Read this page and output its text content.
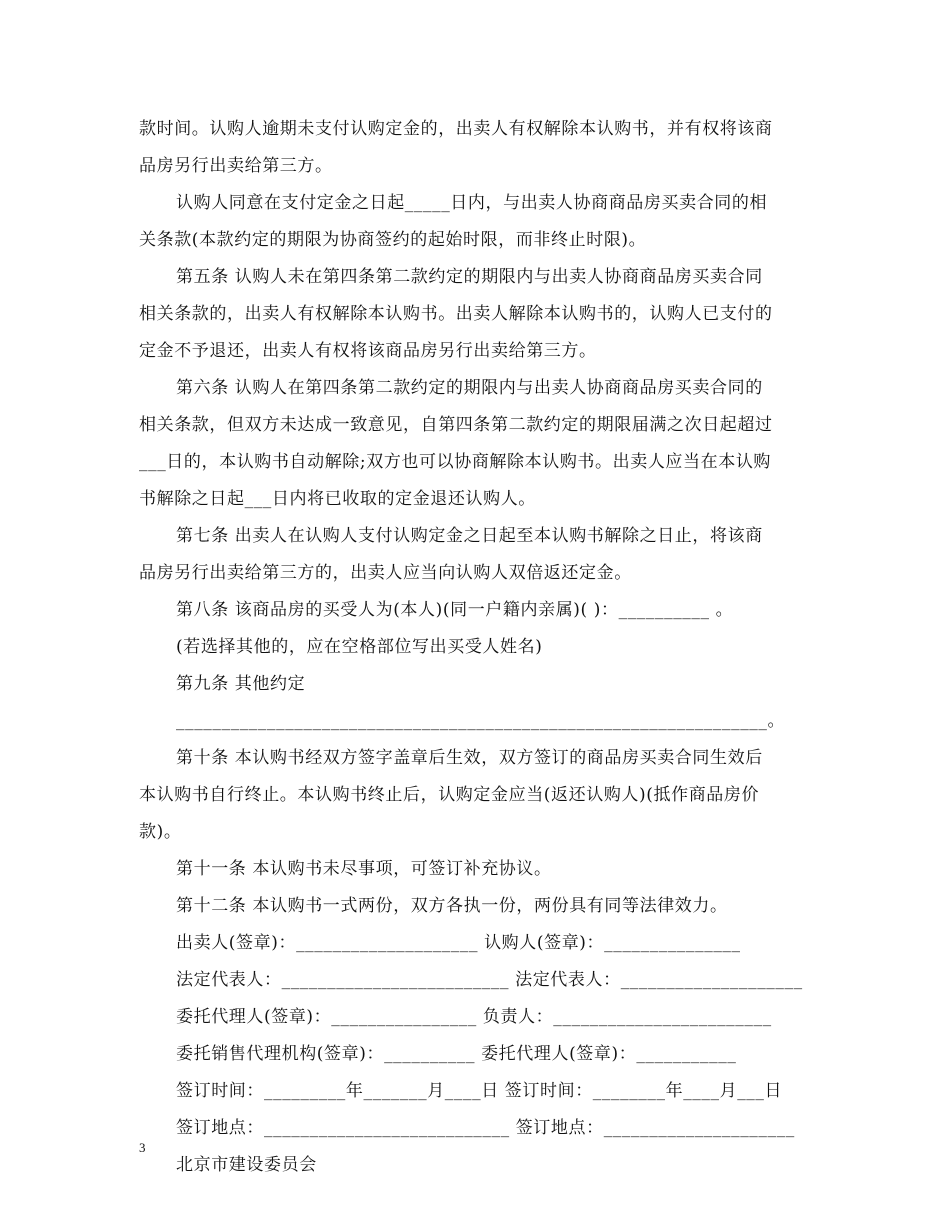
款时间。认购人逾期未支付认购定金的，出卖人有权解除本认购书，并有权将该商
品房另行出卖给第三方。
认购人同意在支付定金之日起_____日内，与出卖人协商商品房买卖合同的相
关条款(本款约定的期限为协商签约的起始时限，而非终止时限)。
第五条 认购人未在第四条第二款约定的期限内与出卖人协商商品房买卖合同
相关条款的，出卖人有权解除本认购书。出卖人解除本认购书的，认购人已支付的
定金不予退还，出卖人有权将该商品房另行出卖给第三方。
第六条 认购人在第四条第二款约定的期限内与出卖人协商商品房买卖合同的
相关条款，但双方未达成一致意见，自第四条第二款约定的期限届满之次日起超过
___日的，本认购书自动解除;双方也可以协商解除本认购书。出卖人应当在本认购
书解除之日起___日内将已收取的定金退还认购人。
第七条 出卖人在认购人支付认购定金之日起至本认购书解除之日止，将该商
品房另行出卖给第三方的，出卖人应当向认购人双倍返还定金。
第八条 该商品房的买受人为(本人)(同一户籍内亲属)( )：__________ 。
(若选择其他的，应在空格部位写出买受人姓名)
第九条 其他约定
_________________________________________________________________。
第十条 本认购书经双方签字盖章后生效，双方签订的商品房买卖合同生效后
本认购书自行终止。本认购书终止后，认购定金应当(返还认购人)(抵作商品房价
款)。
第十一条 本认购书未尽事项，可签订补充协议。
第十二条 本认购书一式两份，双方各执一份，两份具有同等法律效力。
出卖人(签章)：____________________ 认购人(签章)：_______________
法定代表人：_________________________ 法定代表人：____________________
委托代理人(签章)：________________ 负责人：________________________
委托销售代理机构(签章)：__________ 委托代理人(签章)：___________
签订时间：_________年_______月____日 签订时间：________年____月___日
签订地点：___________________________ 签订地点：_____________________
北京市建设委员会
3
